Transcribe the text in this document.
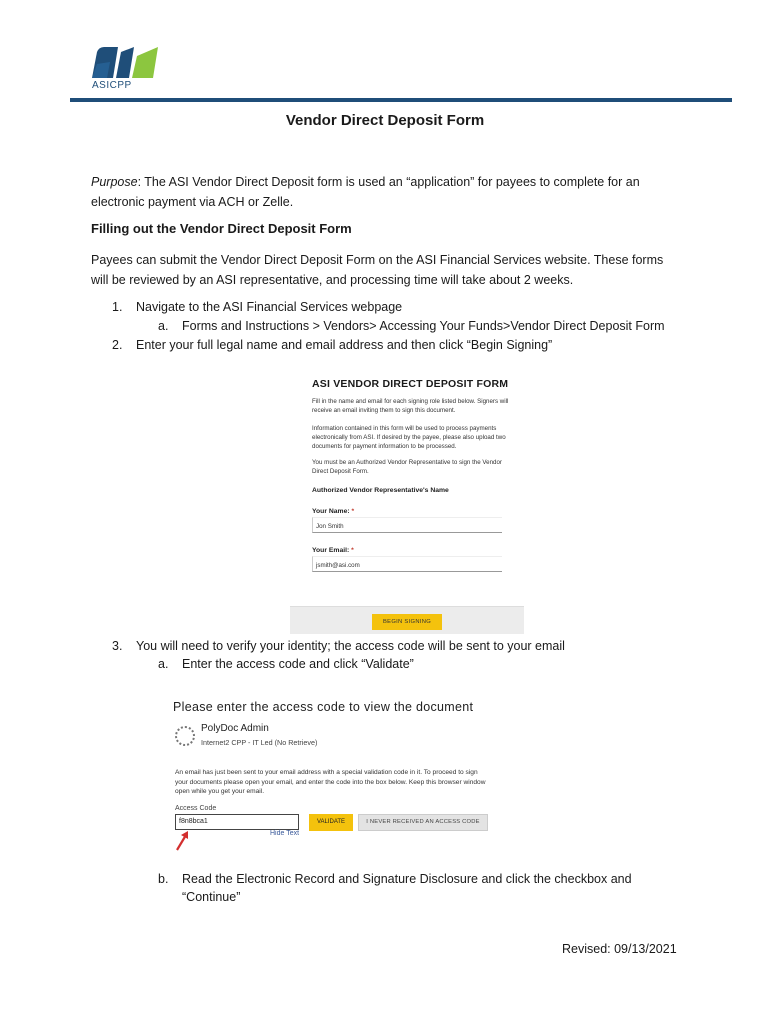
ASICPP
Vendor Direct Deposit Form
Purpose: The ASI Vendor Direct Deposit form is used an “application” for payees to complete for an electronic payment via ACH or Zelle.
Filling out the Vendor Direct Deposit Form
Payees can submit the Vendor Direct Deposit Form on the ASI Financial Services website. These forms will be reviewed by an ASI representative, and processing time will take about 2 weeks.
1. Navigate to the ASI Financial Services webpage
a. Forms and Instructions > Vendors> Accessing Your Funds>Vendor Direct Deposit Form
2. Enter your full legal name and email address and then click “Begin Signing”
ASI VENDOR DIRECT DEPOSIT FORM
Fill in the name and email for each signing role listed below. Signers will receive an email inviting them to sign this document.
Information contained in this form will be used to process payments electronically from ASI. If desired by the payee, please also upload two documents for payment information to be processed.
You must be an Authorized Vendor Representative to sign the Vendor Direct Deposit Form.
Authorized Vendor Representative's Name
Your Name: *
Jon Smith
Your Email: *
jsmith@asi.com
BEGIN SIGNING
3. You will need to verify your identity; the access code will be sent to your email
a. Enter the access code and click “Validate”
Please enter the access code to view the document
PolyDoc Admin
Internet2 CPP - IT Led (No Retrieve)
An email has just been sent to your email address with a special validation code in it. To proceed to sign your documents please open your email, and enter the code into the box below. Keep this browser window open while you get your email.
Access Code
f8n8bca1
Hide Text
VALIDATE	I NEVER RECEIVED AN ACCESS CODE
b. Read the Electronic Record and Signature Disclosure and click the checkbox and
“Continue”
Revised: 09/13/2021
